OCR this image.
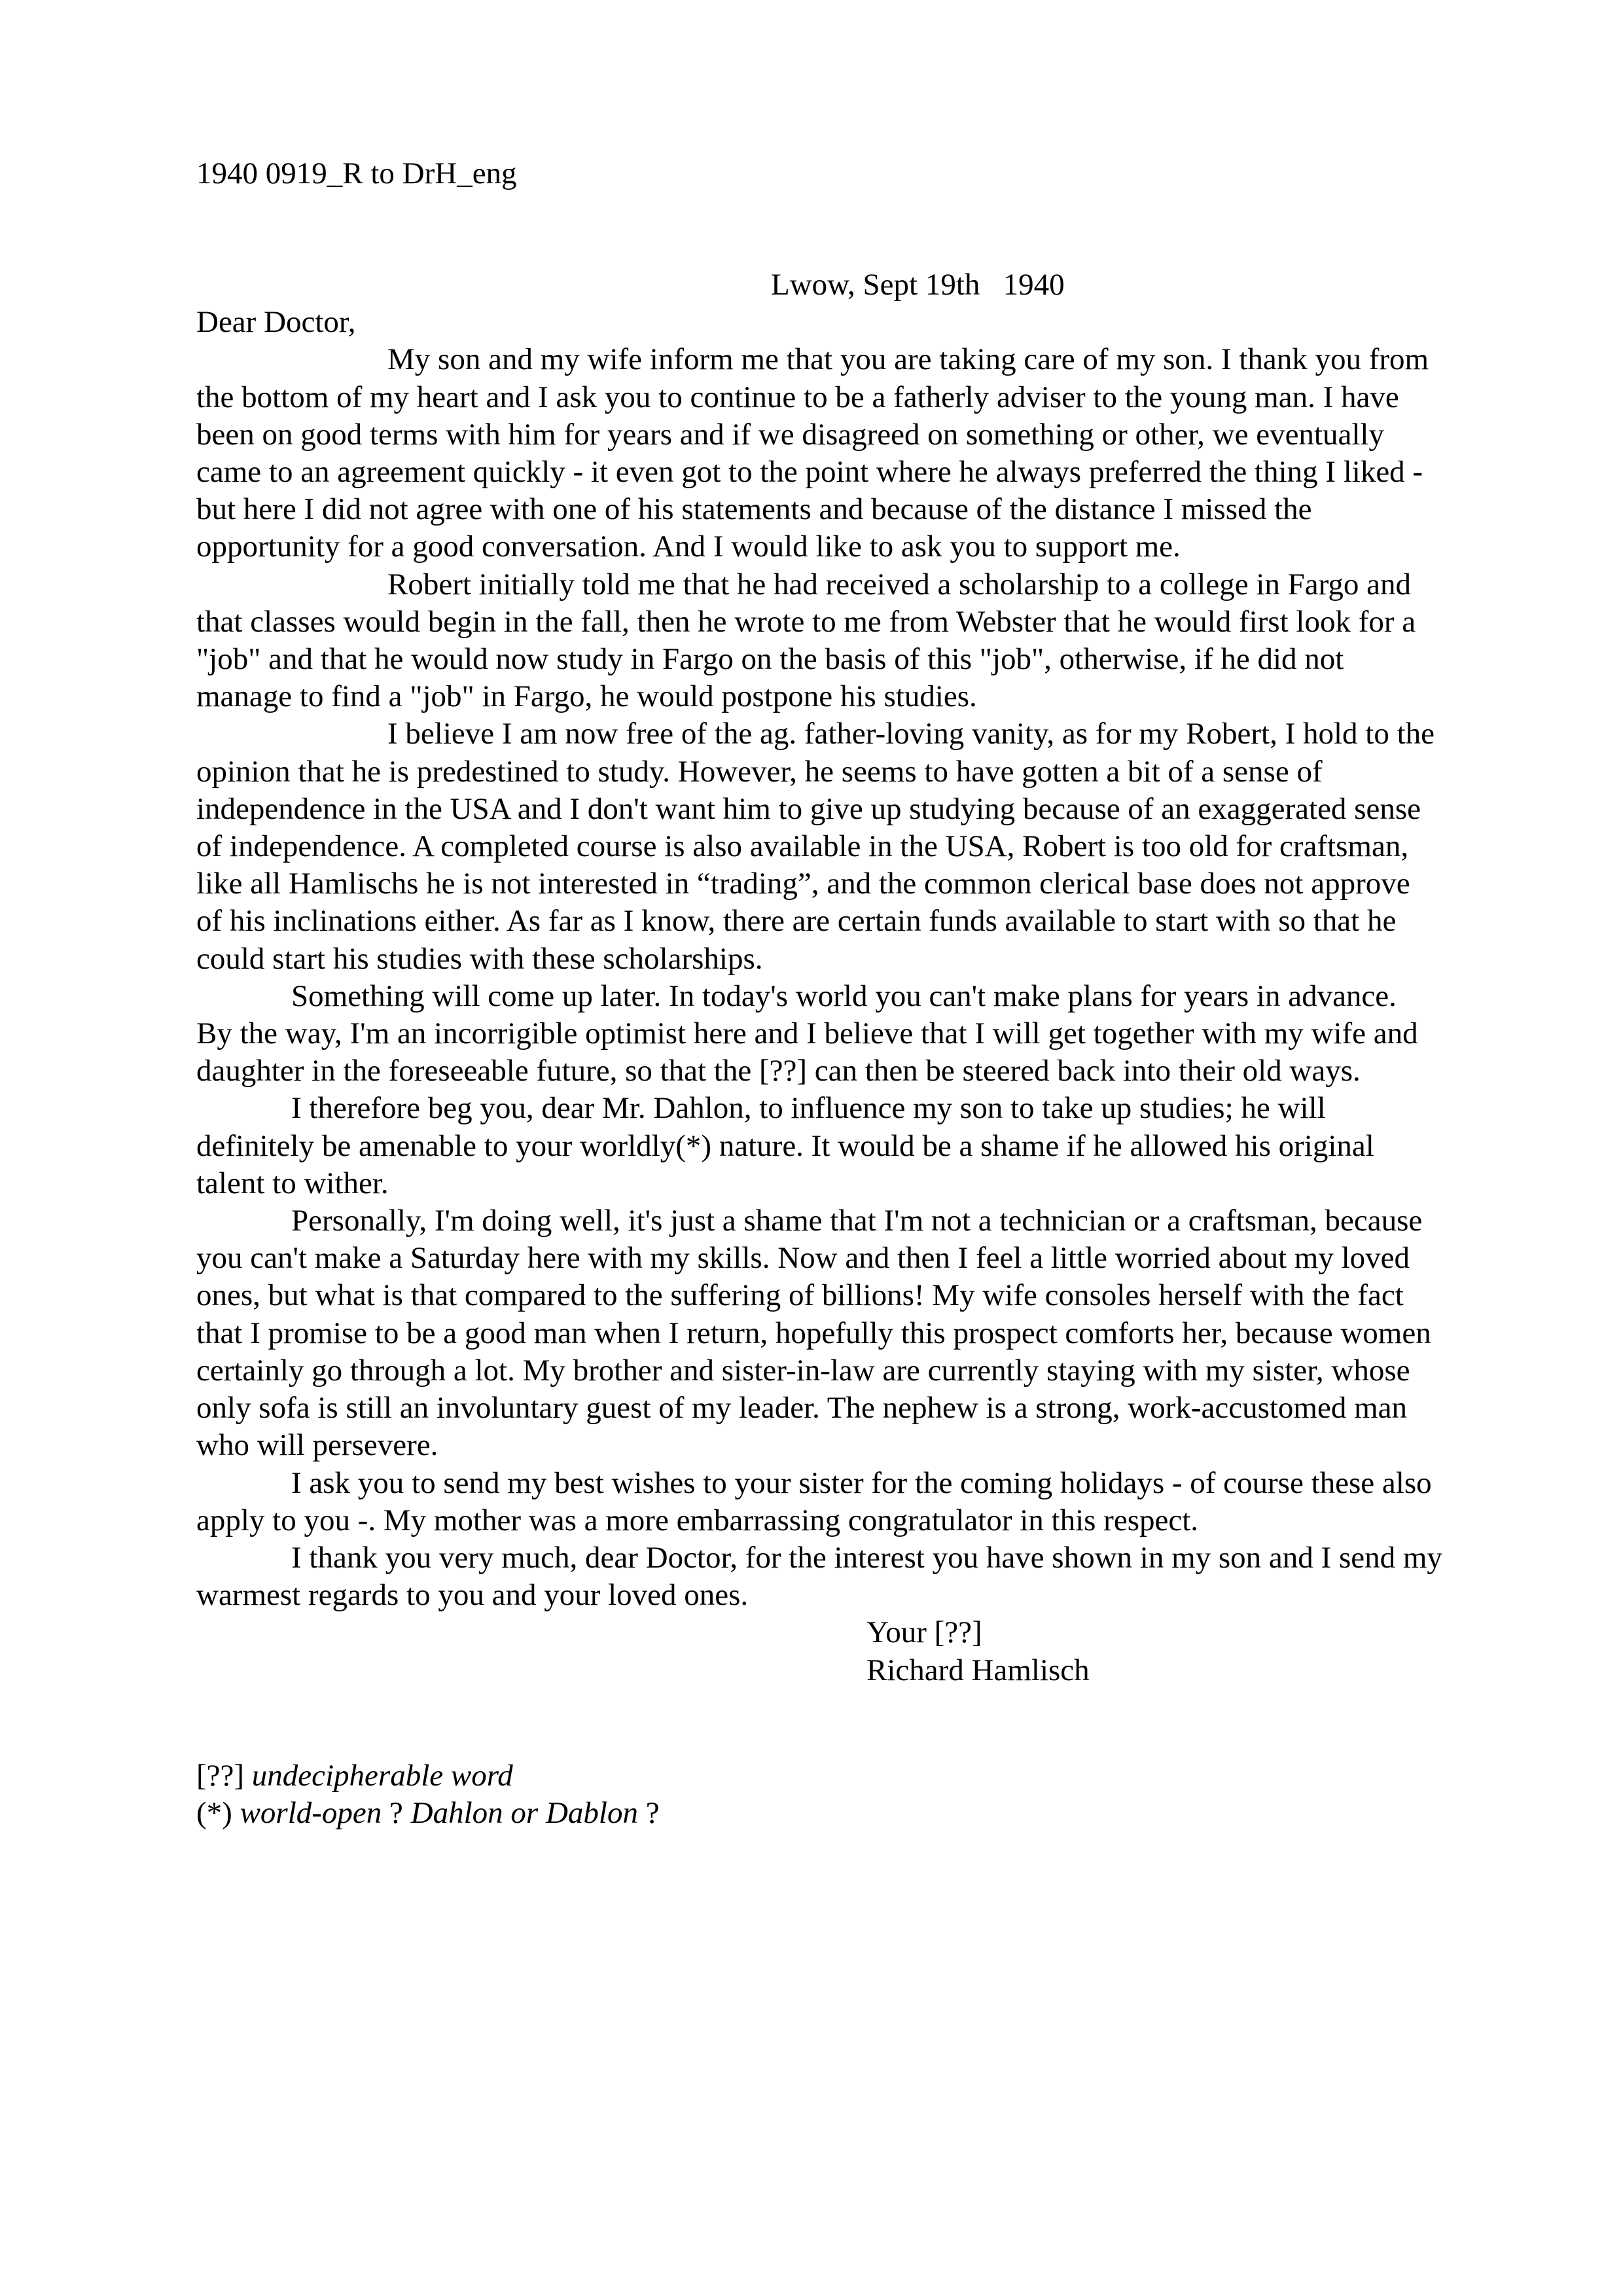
1940 0919_R to DrH_eng
Lwow, Sept 19th   1940
Dear Doctor,
My son and my wife inform me that you are taking care of my son. I thank you from
the bottom of my heart and I ask you to continue to be a fatherly adviser to the young man. I have
been on good terms with him for years and if we disagreed on something or other, we eventually
came to an agreement quickly - it even got to the point where he always preferred the thing I liked -
but here I did not agree with one of his statements and because of the distance I missed the
opportunity for a good conversation. And I would like to ask you to support me.
Robert initially told me that he had received a scholarship to a college in Fargo and
that classes would begin in the fall, then he wrote to me from Webster that he would first look for a
"job" and that he would now study in Fargo on the basis of this "job", otherwise, if he did not
manage to find a "job" in Fargo, he would postpone his studies.
I believe I am now free of the ag. father-loving vanity, as for my Robert, I hold to the
opinion that he is predestined to study. However, he seems to have gotten a bit of a sense of
independence in the USA and I don't want him to give up studying because of an exaggerated sense
of independence. A completed course is also available in the USA, Robert is too old for craftsman,
like all Hamlischs he is not interested in “trading”, and the common clerical base does not approve
of his inclinations either. As far as I know, there are certain funds available to start with so that he
could start his studies with these scholarships.
Something will come up later. In today's world you can't make plans for years in advance.
By the way, I'm an incorrigible optimist here and I believe that I will get together with my wife and
daughter in the foreseeable future, so that the [??] can then be steered back into their old ways.
I therefore beg you, dear Mr. Dahlon, to influence my son to take up studies; he will
definitely be amenable to your worldly(*) nature. It would be a shame if he allowed his original
talent to wither.
Personally, I'm doing well, it's just a shame that I'm not a technician or a craftsman, because
you can't make a Saturday here with my skills. Now and then I feel a little worried about my loved
ones, but what is that compared to the suffering of billions! My wife consoles herself with the fact
that I promise to be a good man when I return, hopefully this prospect comforts her, because women
certainly go through a lot. My brother and sister-in-law are currently staying with my sister, whose
only sofa is still an involuntary guest of my leader. The nephew is a strong, work-accustomed man
who will persevere.
I ask you to send my best wishes to your sister for the coming holidays - of course these also
apply to you -. My mother was a more embarrassing congratulator in this respect.
I thank you very much, dear Doctor, for the interest you have shown in my son and I send my
warmest regards to you and your loved ones.
Your [??]
Richard Hamlisch
[??] undecipherable word
(*) world-open ? Dahlon or Dablon ?
